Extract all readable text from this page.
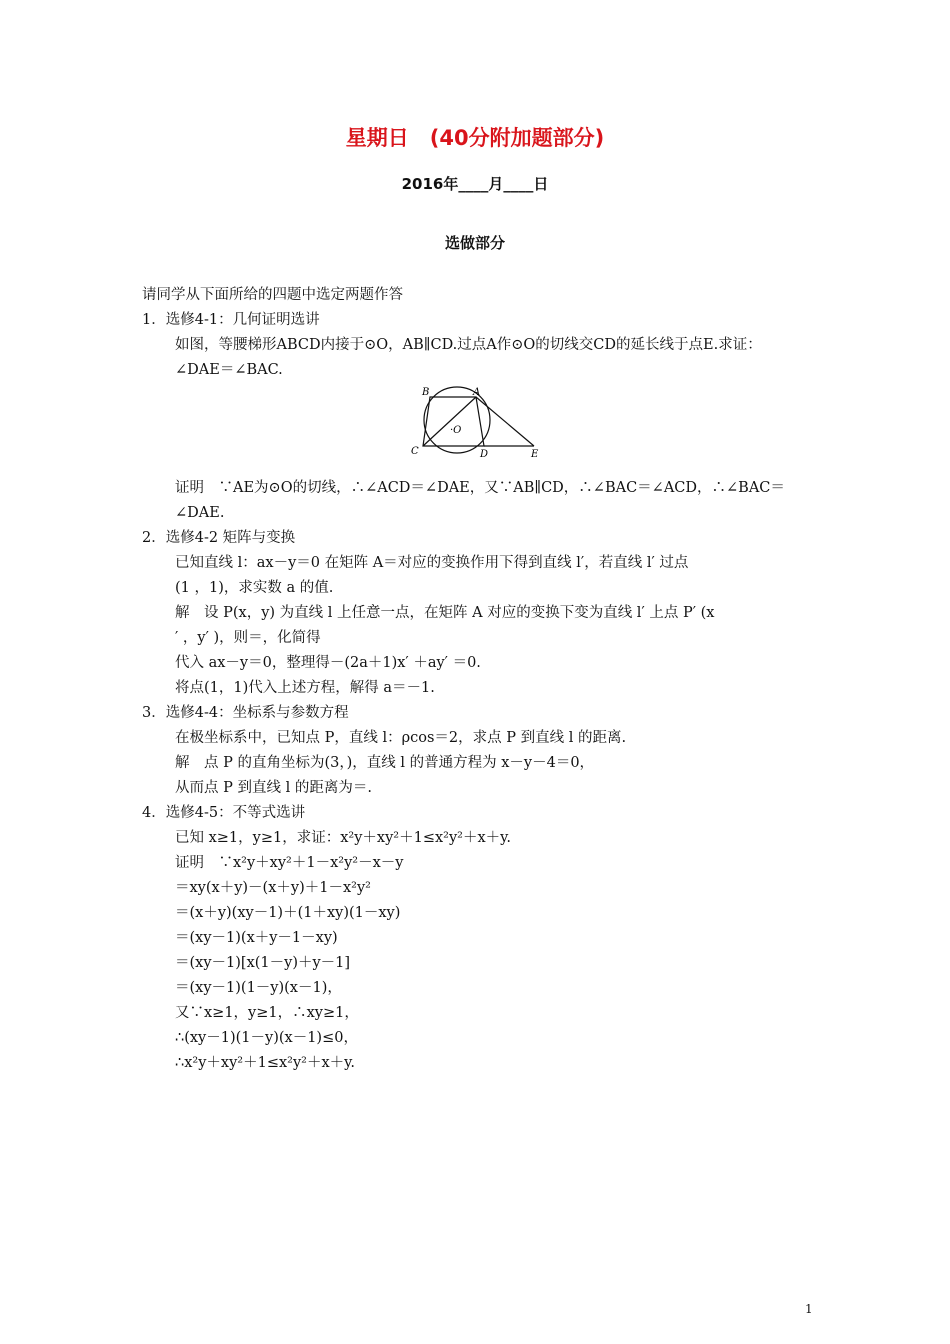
星期日　(40分附加题部分)
2016年____月____日
选做部分
请同学从下面所给的四题中选定两题作答
1．选修4-1：几何证明选讲
如图，等腰梯形ABCD内接于⊙O，AB∥CD.过点A作⊙O的切线交CD的延长线于点E.求证：
∠DAE＝∠BAC.
B	A
·O
C	D	E
证明　∵AE为⊙O的切线，∴∠ACD＝∠DAE，又∵AB∥CD，∴∠BAC＝∠ACD，∴∠BAC＝
∠DAE.
2．选修4-2 矩阵与变换
已知直线 l：ax－y＝0 在矩阵 A＝对应的变换作用下得到直线 l′，若直线 l′ 过点
(1 ，1)，求实数 a 的值.
解　设 P(x，y) 为直线 l 上任意一点，在矩阵 A 对应的变换下变为直线 l′ 上点 P′ (x
′ ，y′ )，则＝，化简得
代入 ax－y＝0，整理得－(2a＋1)x′ ＋ay′ ＝0.
将点(1，1)代入上述方程，解得 a＝－1.
3．选修4-4：坐标系与参数方程
在极坐标系中，已知点 P，直线 l：ρcos＝2，求点 P 到直线 l 的距离.
解　点 P 的直角坐标为(3，)，直线 l 的普通方程为 x－y－4＝0，
从而点 P 到直线 l 的距离为＝.
4．选修4-5：不等式选讲
已知 x≥1，y≥1，求证：x²y＋xy²＋1≤x²y²＋x＋y.
证明　∵x²y＋xy²＋1－x²y²－x－y
＝xy(x＋y)－(x＋y)＋1－x²y²
＝(x＋y)(xy－1)＋(1＋xy)(1－xy)
＝(xy－1)(x＋y－1－xy)
＝(xy－1)[x(1－y)＋y－1]
＝(xy－1)(1－y)(x－1)，
又∵x≥1，y≥1，∴xy≥1，
∴(xy－1)(1－y)(x－1)≤0，
∴x²y＋xy²＋1≤x²y²＋x＋y.
1
